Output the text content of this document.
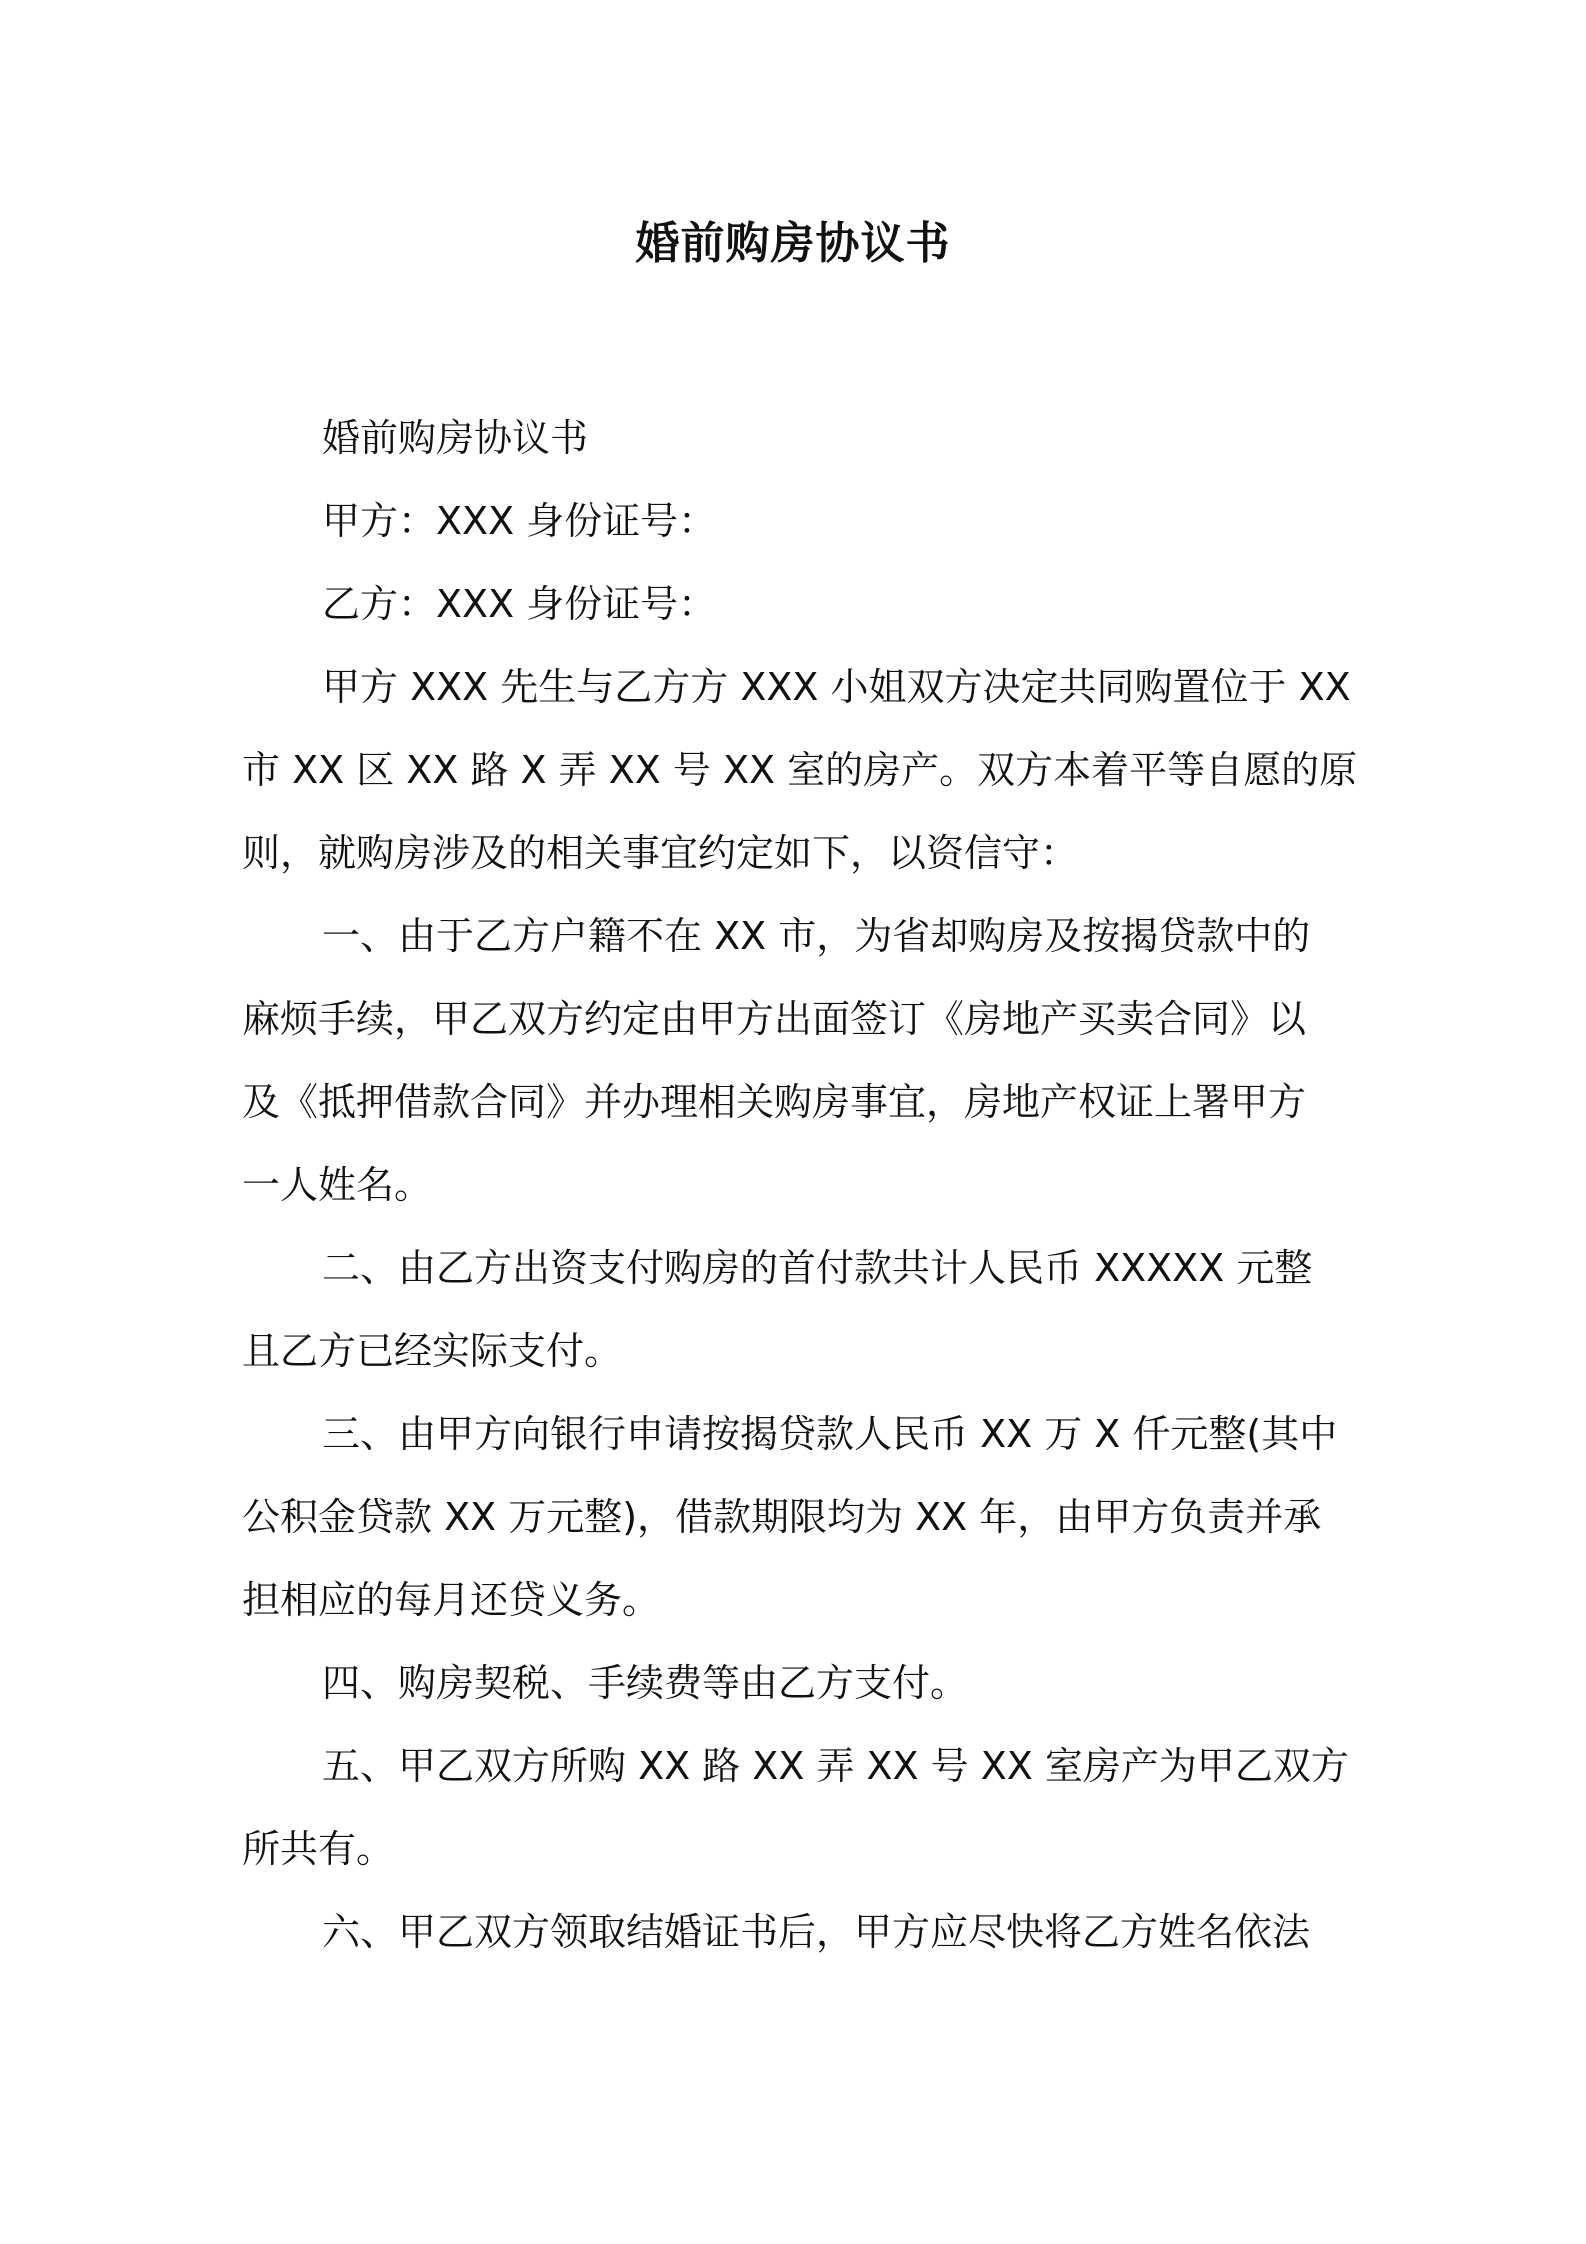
婚前购房协议书
婚前购房协议书
甲方：XXX 身份证号：
乙方：XXX 身份证号：
甲方 XXX 先生与乙方方 XXX 小姐双方决定共同购置位于 XX
市 XX 区 XX 路 X 弄 XX 号 XX 室的房产。双方本着平等自愿的原
则，就购房涉及的相关事宜约定如下，以资信守：
一、由于乙方户籍不在 XX 市，为省却购房及按揭贷款中的
麻烦手续，甲乙双方约定由甲方出面签订《房地产买卖合同》以
及《抵押借款合同》并办理相关购房事宜，房地产权证上署甲方
一人姓名。
二、由乙方出资支付购房的首付款共计人民币 XXXXX 元整
且乙方已经实际支付。
三、由甲方向银行申请按揭贷款人民币 XX 万 X 仟元整(其中
公积金贷款 XX 万元整)，借款期限均为 XX 年，由甲方负责并承
担相应的每月还贷义务。
四、购房契税、手续费等由乙方支付。
五、甲乙双方所购 XX 路 XX 弄 XX 号 XX 室房产为甲乙双方
所共有。
六、甲乙双方领取结婚证书后，甲方应尽快将乙方姓名依法
